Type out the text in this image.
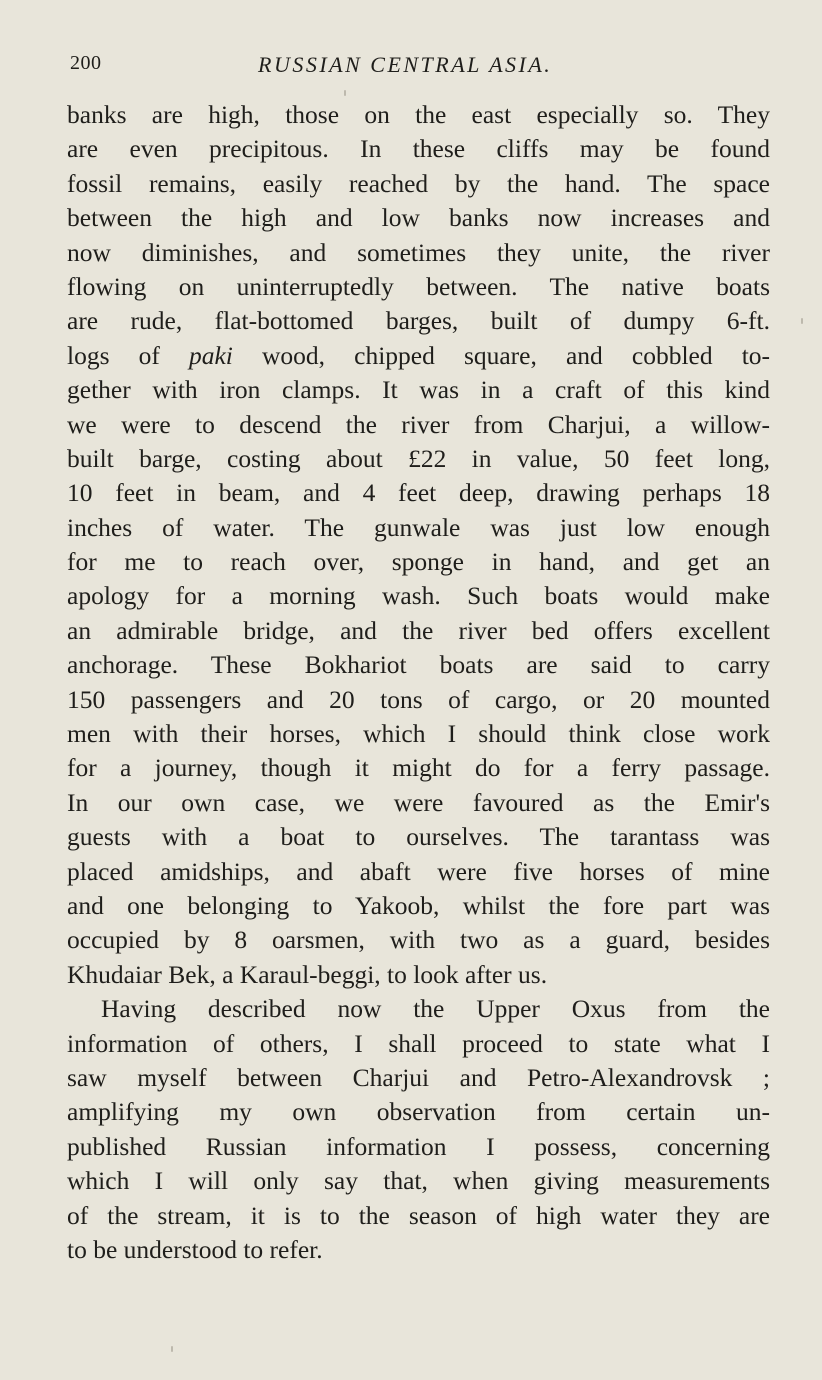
200	RUSSIAN CENTRAL ASIA.
banks are high, those on the east especially so. They
are even precipitous. In these cliffs may be found
fossil remains, easily reached by the hand. The space
between the high and low banks now increases and
now diminishes, and sometimes they unite, the river
flowing on uninterruptedly between. The native boats
are rude, flat-bottomed barges, built of dumpy 6-ft.
logs of paki wood, chipped square, and cobbled to-
gether with iron clamps. It was in a craft of this kind
we were to descend the river from Charjui, a willow-
built barge, costing about £22 in value, 50 feet long,
10 feet in beam, and 4 feet deep, drawing perhaps 18
inches of water. The gunwale was just low enough
for me to reach over, sponge in hand, and get an
apology for a morning wash. Such boats would make
an admirable bridge, and the river bed offers excellent
anchorage. These Bokhariot boats are said to carry
150 passengers and 20 tons of cargo, or 20 mounted
men with their horses, which I should think close work
for a journey, though it might do for a ferry passage.
In our own case, we were favoured as the Emir's
guests with a boat to ourselves. The tarantass was
placed amidships, and abaft were five horses of mine
and one belonging to Yakoob, whilst the fore part was
occupied by 8 oarsmen, with two as a guard, besides
Khudaiar Bek, a Karaul-beggi, to look after us.
Having described now the Upper Oxus from the
information of others, I shall proceed to state what I
saw myself between Charjui and Petro-Alexandrovsk ;
amplifying my own observation from certain un-
published Russian information I possess, concerning
which I will only say that, when giving measurements
of the stream, it is to the season of high water they are
to be understood to refer.
